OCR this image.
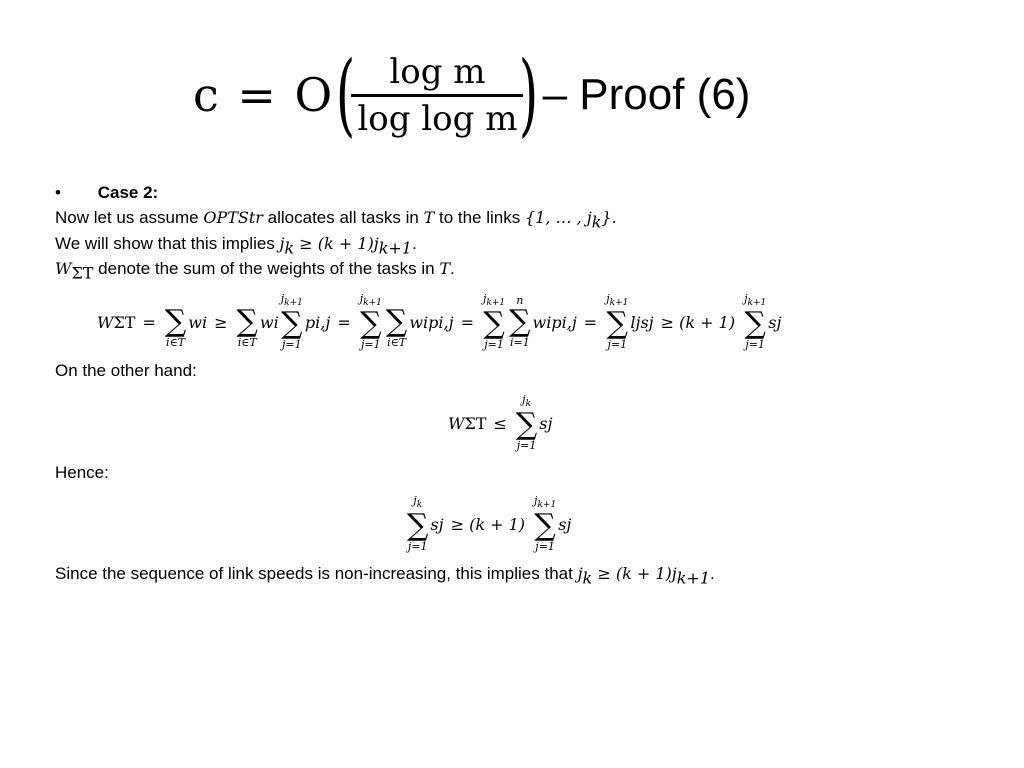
c = O (
$\frac{\text{log m}}{\text{log log m}}$
) – Proof (6)
• Case 2:
Now let us assume OPTStr allocates all tasks in T to the links {1, … , $j_k$}.
We will show that this implies $j_k \ge (k + 1)j_{k+1}$.
$W_{\Sigma T}$ denote the sum of the weights of the tasks in T.
W ΣT =
∑
i∈T
w i ≥
∑
i∈T
w i
$j_{k+1}$
∑
j=1
p i,j =
$j_{k+1}$
∑
j=1

∑
i∈T
w i p i,j =
$j_{k+1}$
∑
j=1
n
∑
i=1
w i p i,j =
$j_{k+1}$
∑
j=1
l j s j ≥ (k + 1)
$j_{k+1}$
∑
j=1
s j
On the other hand:
W ΣT ≤
$j_k$
∑
j=1
s j
Hence:
$j_k$
∑
j=1
s j ≥ (k + 1)
$j_{k+1}$
∑
j=1
s j
Since the sequence of link speeds is non-increasing, this implies that $j_k \ge (k + 1)j_{k+1}$.
